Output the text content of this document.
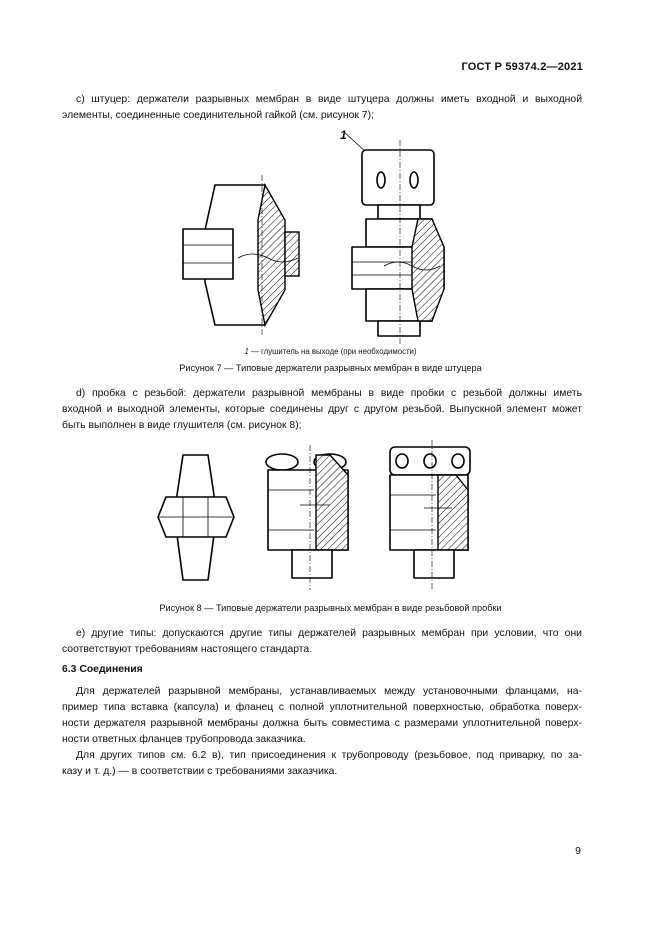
ГОСТ Р 59374.2—2021
c) штуцер: держатели разрывных мембран в виде штуцера должны иметь входной и выходной
элементы, соединенные соединительной гайкой (см. рисунок 7);
1
1 — глушитель на выходе (при необходимости)
Рисунок 7 — Типовые держатели разрывных мембран в виде штуцера
d) пробка с резьбой: держатели разрывной мембраны в виде пробки с резьбой должны иметь
входной и выходной элементы, которые соединены друг с другом резьбой. Выпускной элемент может
быть выполнен в виде глушителя (см. рисунок 8);
Рисунок 8 — Типовые держатели разрывных мембран в виде резьбовой пробки
e) другие типы: допускаются другие типы держателей разрывных мембран при условии, что они
соответствуют требованиям настоящего стандарта.
6.3 Соединения
Для держателей разрывной мембраны, устанавливаемых между установочными фланцами, на-
пример типа вставка (капсула) и фланец с полной уплотнительной поверхностью, обработка поверх-
ности держателя разрывной мембраны должна быть совместима с размерами уплотнительной поверх-
ности ответных фланцев трубопровода заказчика.
Для других типов см. 6.2 в), тип присоединения к трубопроводу (резьбовое, под приварку, по за-
казу и т. д.) — в соответствии с требованиями заказчика.
9
